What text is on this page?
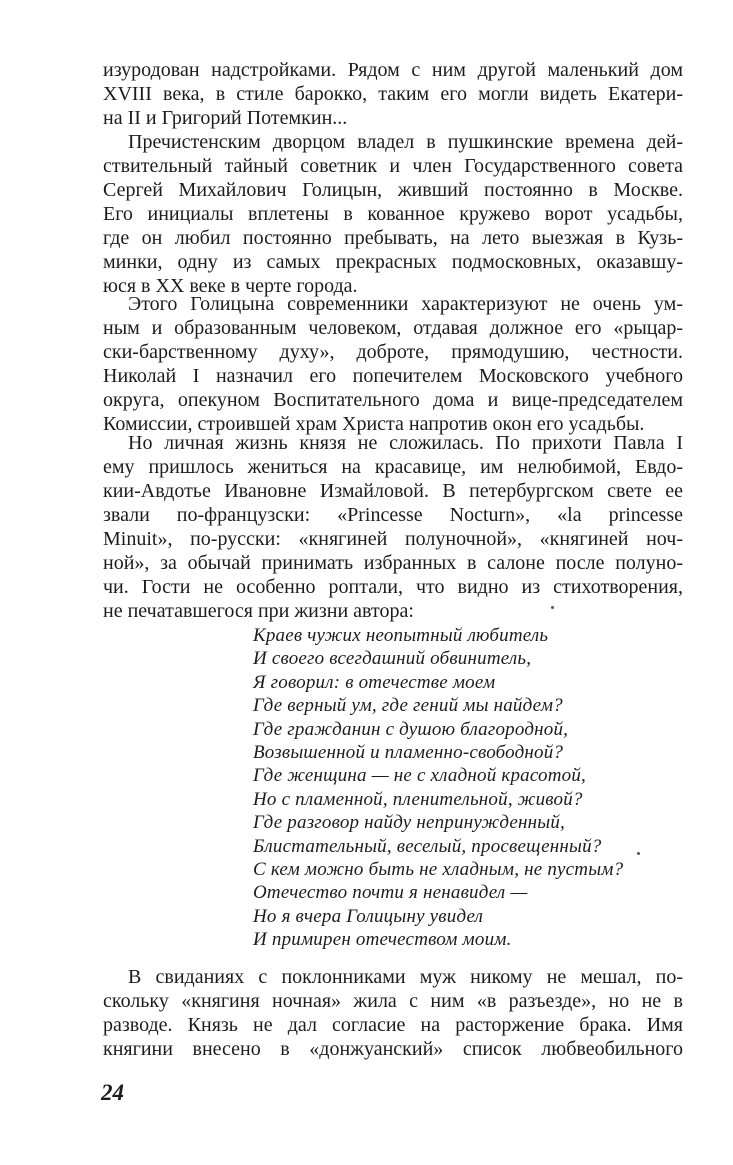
изуродован надстройками. Рядом с ним другой маленький дом
XVIII века, в стиле барокко, таким его могли видеть Екатери-
на II и Григорий Потемкин...
Пречистенским дворцом владел в пушкинские времена дей-
ствительный тайный советник и член Государственного совета
Сергей Михайлович Голицын, живший постоянно в Москве.
Его инициалы вплетены в кованное кружево ворот усадьбы,
где он любил постоянно пребывать, на лето выезжая в Кузь-
минки, одну из самых прекрасных подмосковных, оказавшу-
юся в XX веке в черте города.
Этого Голицына современники характеризуют не очень ум-
ным и образованным человеком, отдавая должное его «рыцар-
ски-барственному духу», доброте, прямодушию, честности.
Николай I назначил его попечителем Московского учебного
округа, опекуном Воспитательного дома и вице-председателем
Комиссии, строившей храм Христа напротив окон его усадьбы.
Но личная жизнь князя не сложилась. По прихоти Павла I
ему пришлось жениться на красавице, им нелюбимой, Евдо-
кии-Авдотье Ивановне Измайловой. В петербургском свете ее
звали по-французски: «Princesse Nocturn», «la princesse
Minuit», по-русски: «княгиней полуночной», «княгиней ноч-
ной», за обычай принимать избранных в салоне после полуно-
чи. Гости не особенно роптали, что видно из стихотворения,
не печатавшегося при жизни автора:
Краев чужих неопытный любитель
И своего всегдашний обвинитель,
Я говорил: в отечестве моем
Где верный ум, где гений мы найдем?
Где гражданин с душою благородной,
Возвышенной и пламенно-свободной?
Где женщина — не с хладной красотой,
Но с пламенной, пленительной, живой?
Где разговор найду непринужденный,
Блистательный, веселый, просвещенный?
С кем можно быть не хладным, не пустым?
Отечество почти я ненавидел —
Но я вчера Голицыну увидел
И примирен отечеством моим.
В свиданиях с поклонниками муж никому не мешал, по-
скольку «княгиня ночная» жила с ним «в разъезде», но не в
разводе. Князь не дал согласие на расторжение брака. Имя
княгини внесено в «донжуанский» список любвеобильного
24
